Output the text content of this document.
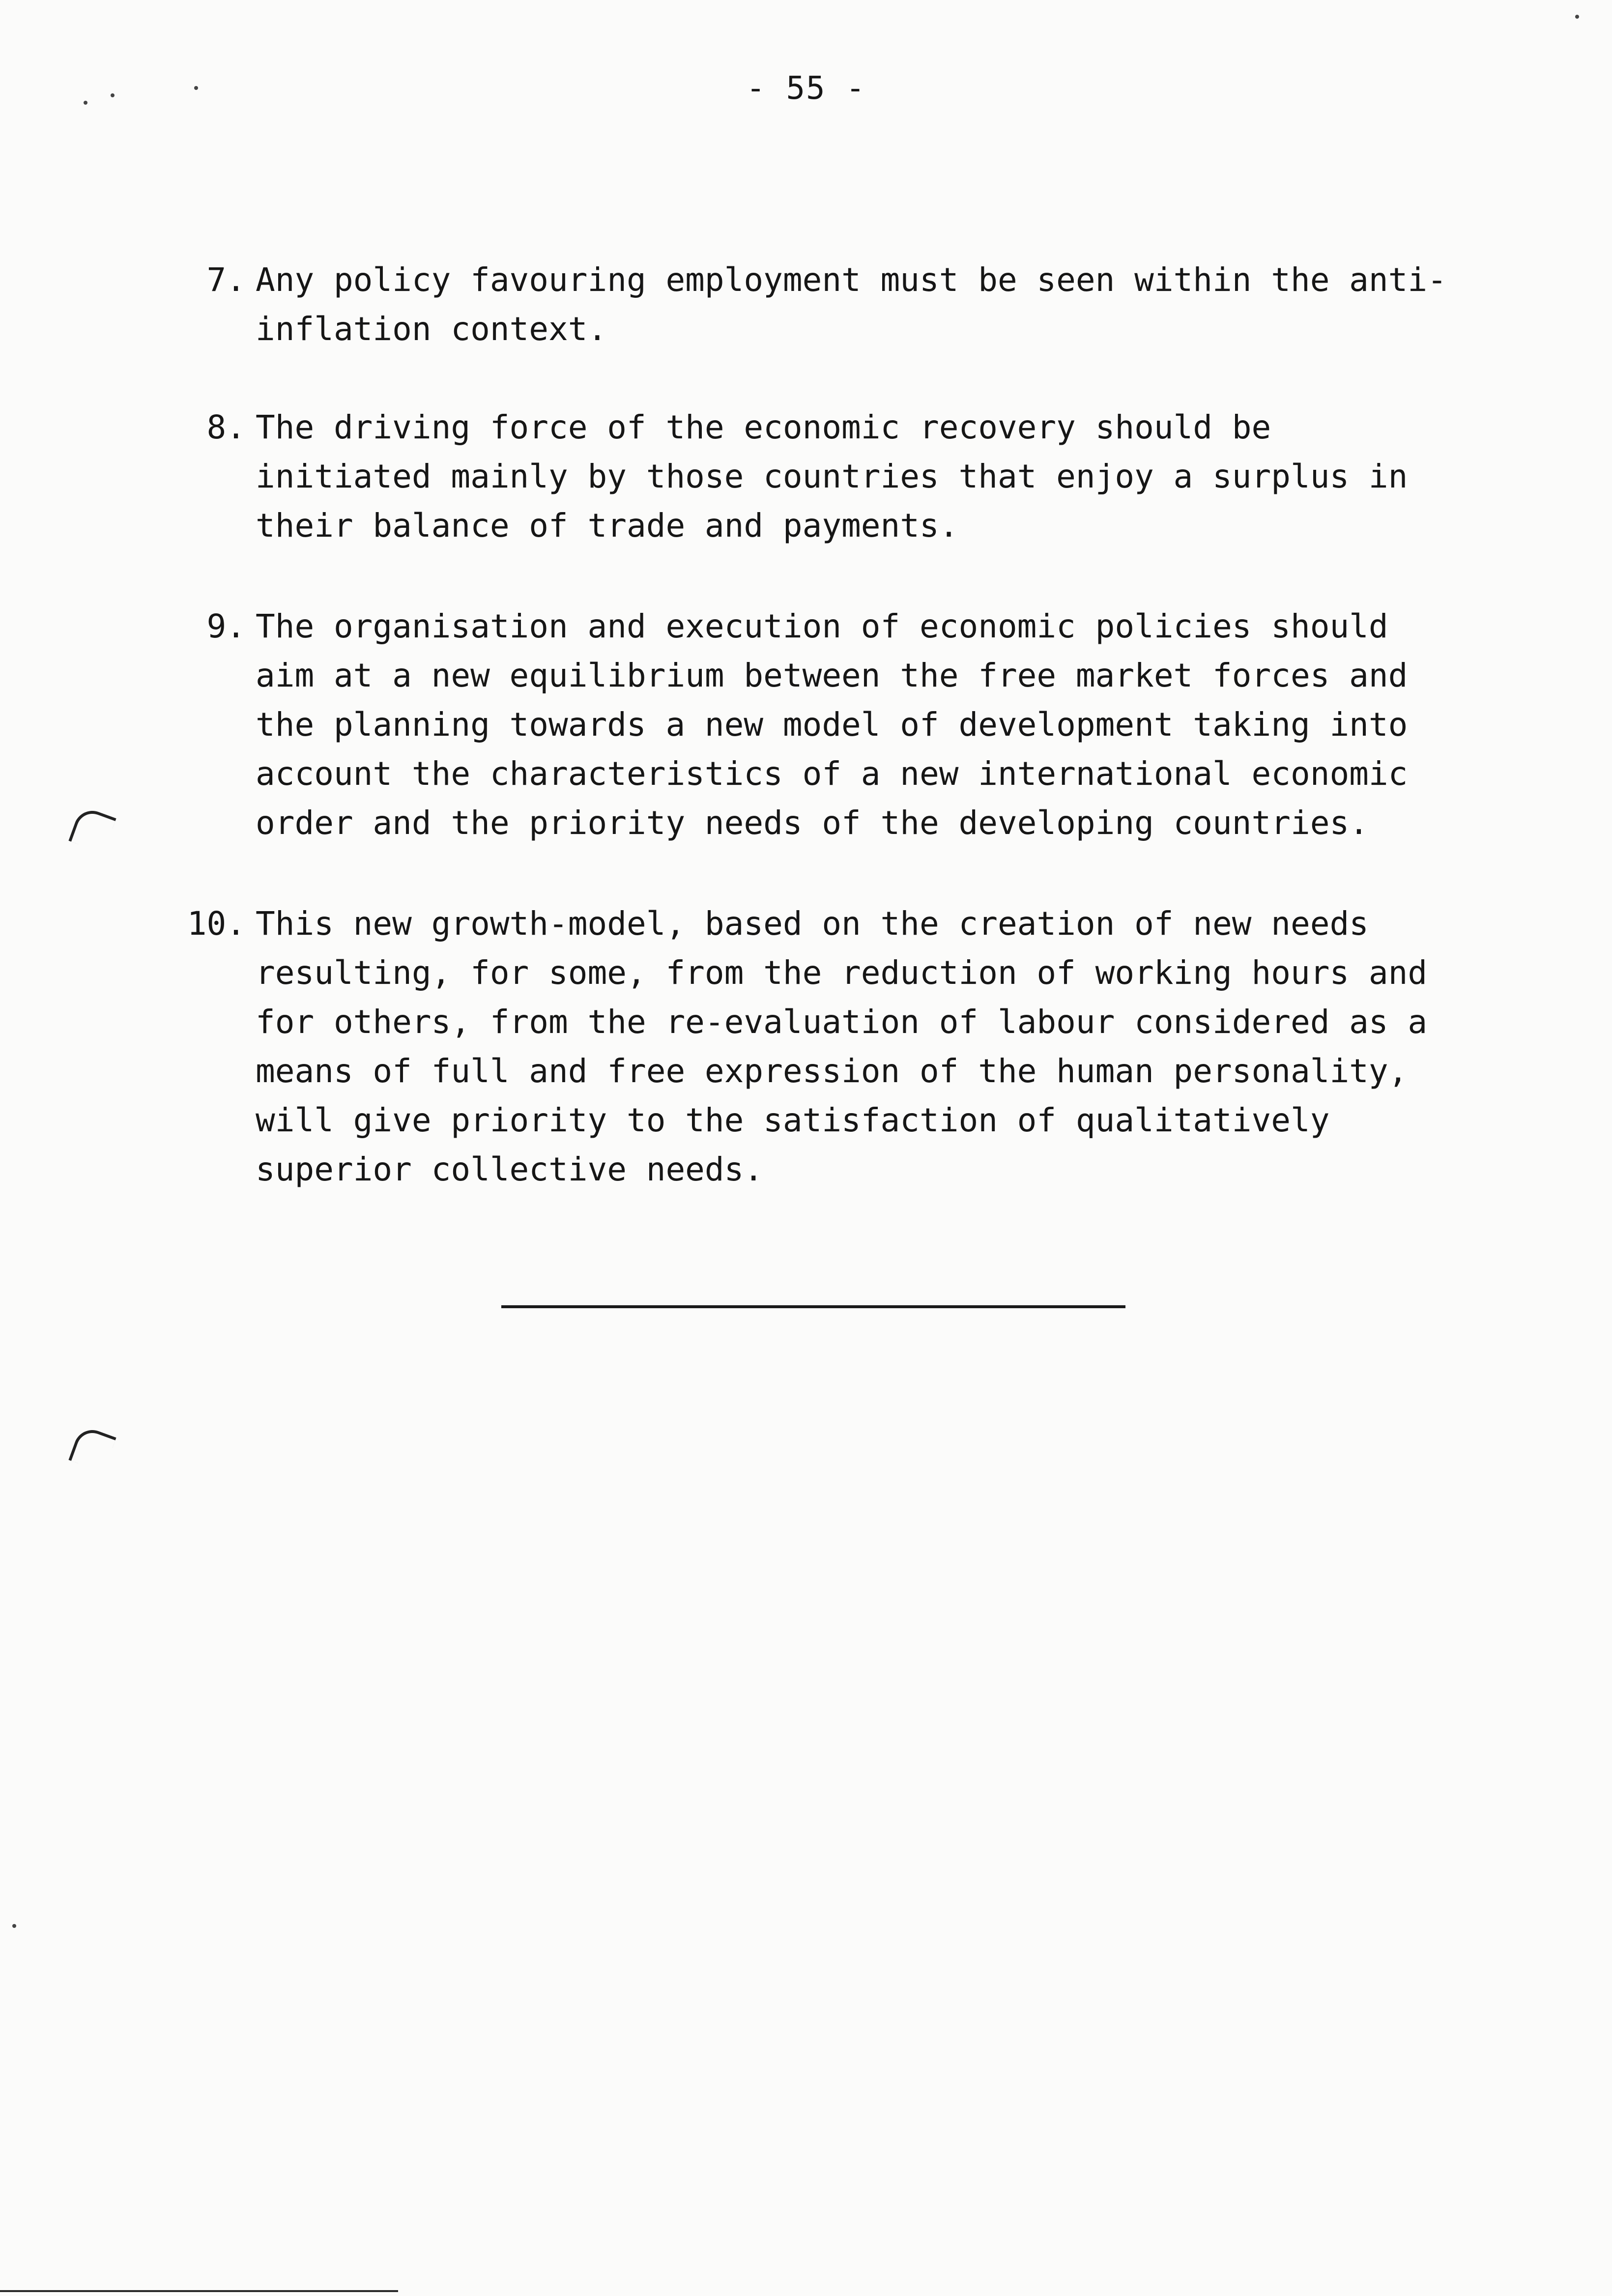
- 55 -
7. Any policy favouring employment must be seen within the anti-
inflation context.
8. The driving force of the economic recovery should be
initiated mainly by those countries that enjoy a surplus in
their balance of trade and payments.
9. The organisation and execution of economic policies should
aim at a new equilibrium between the free market forces and
the planning towards a new model of development taking into
account the characteristics of a new international economic
order and the priority needs of the developing countries.
10. This new growth-model, based on the creation of new needs
resulting, for some, from the reduction of working hours and
for others, from the re-evaluation of labour considered as a
means of full and free expression of the human personality,
will give priority to the satisfaction of qualitatively
superior collective needs.
